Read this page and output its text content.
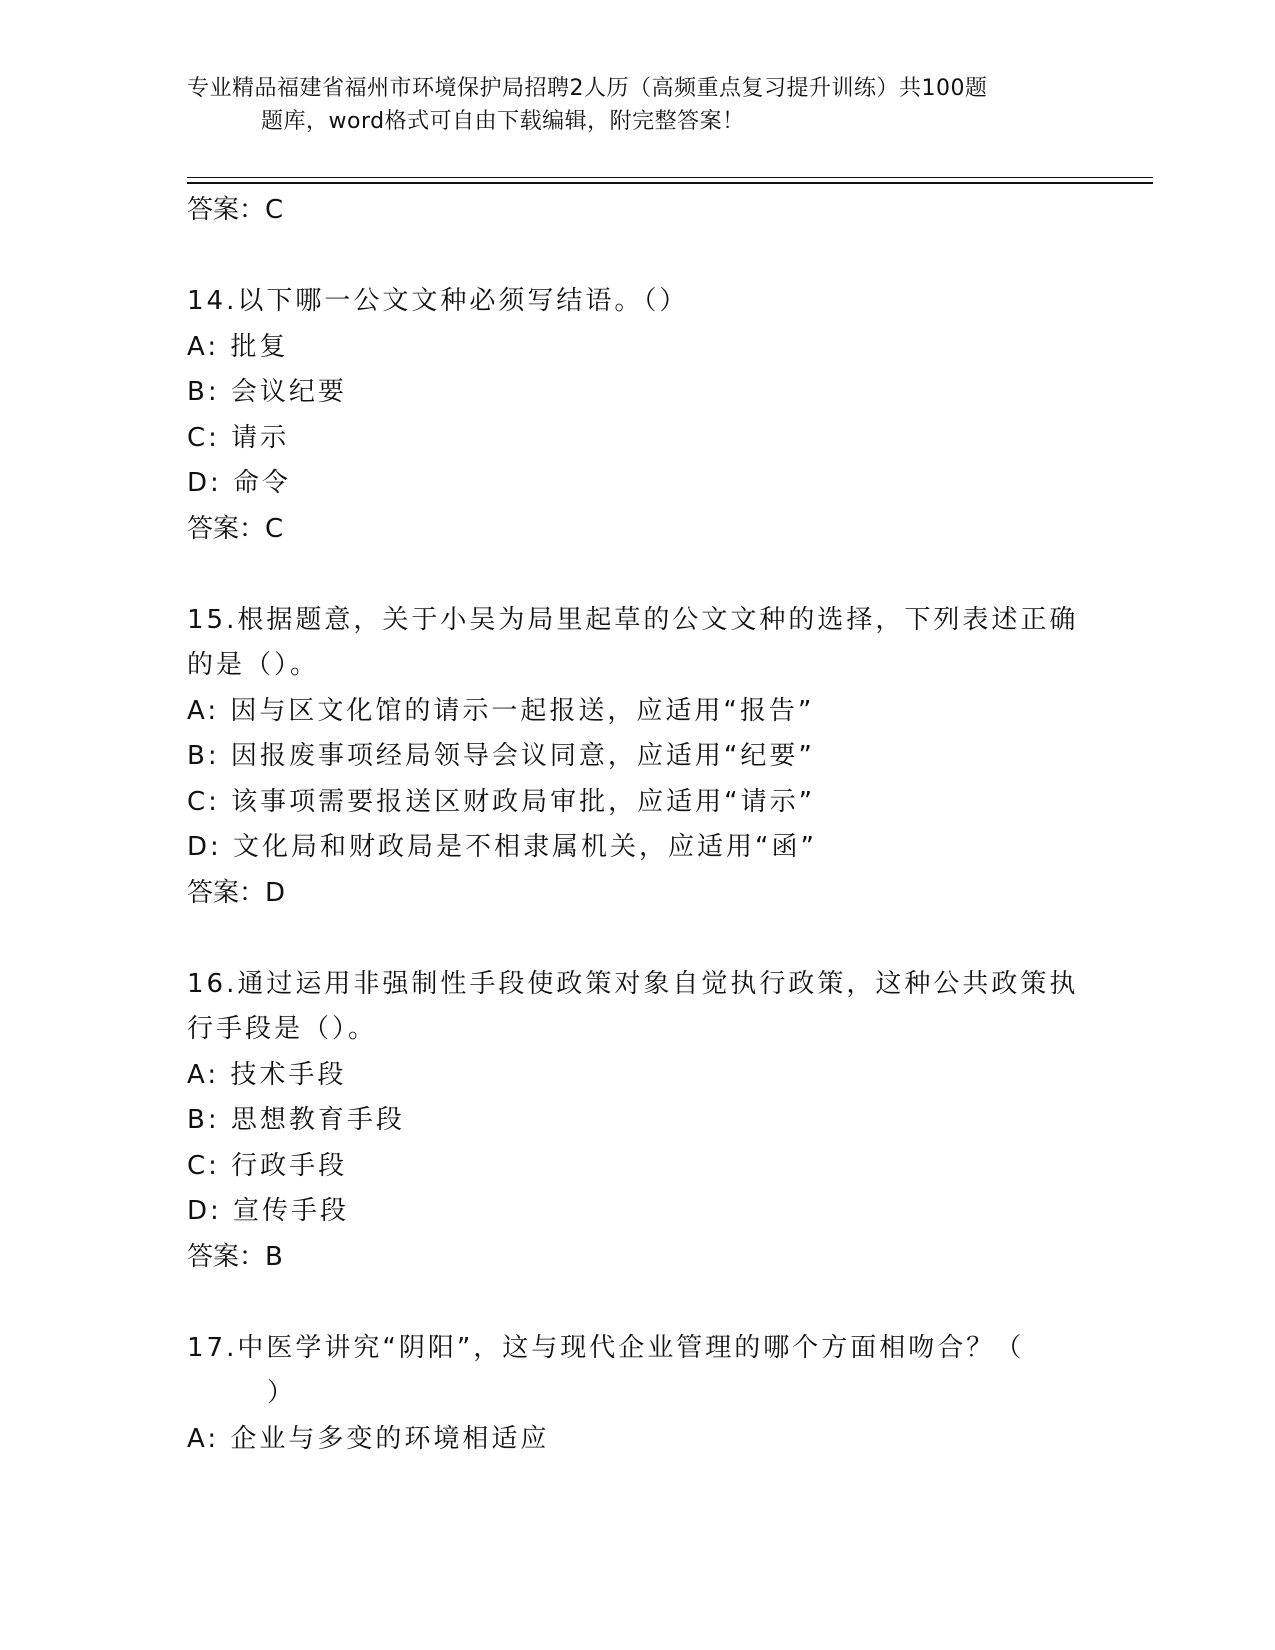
专业精品福建省福州市环境保护局招聘2人历（高频重点复习提升训练）共100题
题库，word格式可自由下载编辑，附完整答案！
答案：C
14.以下哪一公文文种必须写结语。（）
A: 批复
B: 会议纪要
C: 请示
D: 命令
答案：C
15.根据题意，关于小吴为局里起草的公文文种的选择，下列表述正确
的是（）。
A: 因与区文化馆的请示一起报送，应适用“报告”
B: 因报废事项经局领导会议同意，应适用“纪要”
C: 该事项需要报送区财政局审批，应适用“请示”
D: 文化局和财政局是不相隶属机关，应适用“函”
答案：D
16.通过运用非强制性手段使政策对象自觉执行政策，这种公共政策执
行手段是（）。
A: 技术手段
B: 思想教育手段
C: 行政手段
D: 宣传手段
答案：B
17.中医学讲究“阴阳”，这与现代企业管理的哪个方面相吻合？（
）
A: 企业与多变的环境相适应
